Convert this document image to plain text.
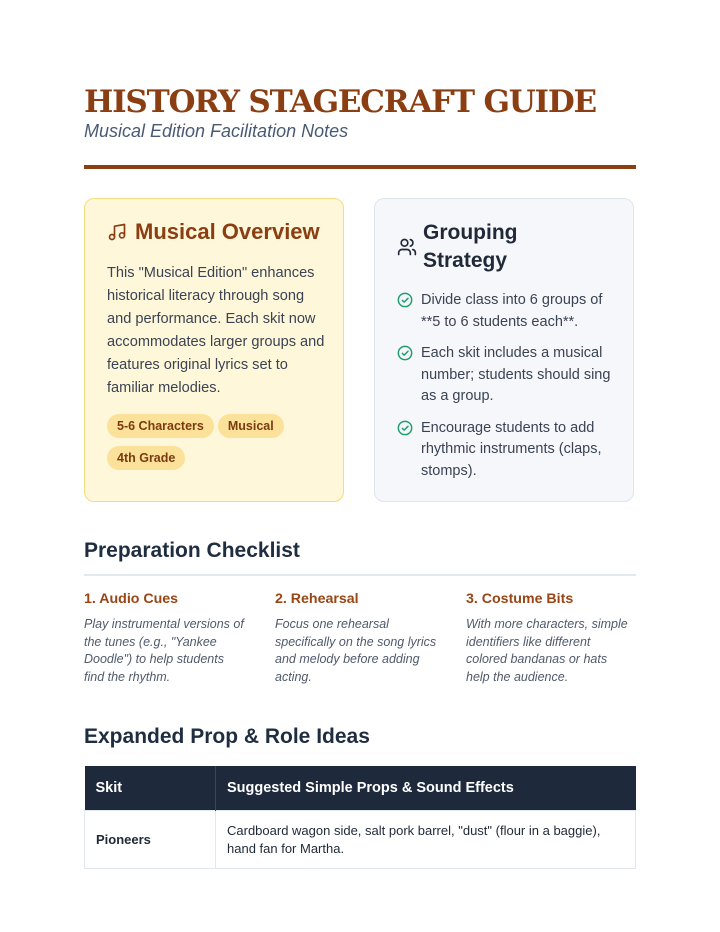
HISTORY STAGECRAFT GUIDE
Musical Edition Facilitation Notes
Musical Overview
This "Musical Edition" enhances historical literacy through song and performance. Each skit now accommodates larger groups and features original lyrics set to familiar melodies.
5-6 Characters Musical4th Grade
Grouping Strategy
Divide class into 6 groups of **5 to 6 students each**.
Each skit includes a musical number; students should sing as a group.
Encourage students to add rhythmic instruments (claps, stomps).
Preparation Checklist
1. Audio Cues
Play instrumental versions of the tunes (e.g., "Yankee Doodle") to help students find the rhythm.
2. Rehearsal
Focus one rehearsal specifically on the song lyrics and melody before adding acting.
3. Costume Bits
With more characters, simple identifiers like different colored bandanas or hats help the audience.
Expanded Prop & Role Ideas
Skit	Suggested Simple Props & Sound Effects
Pioneers	Cardboard wagon side, salt pork barrel, "dust" (flour in a baggie), hand fan for Martha.
